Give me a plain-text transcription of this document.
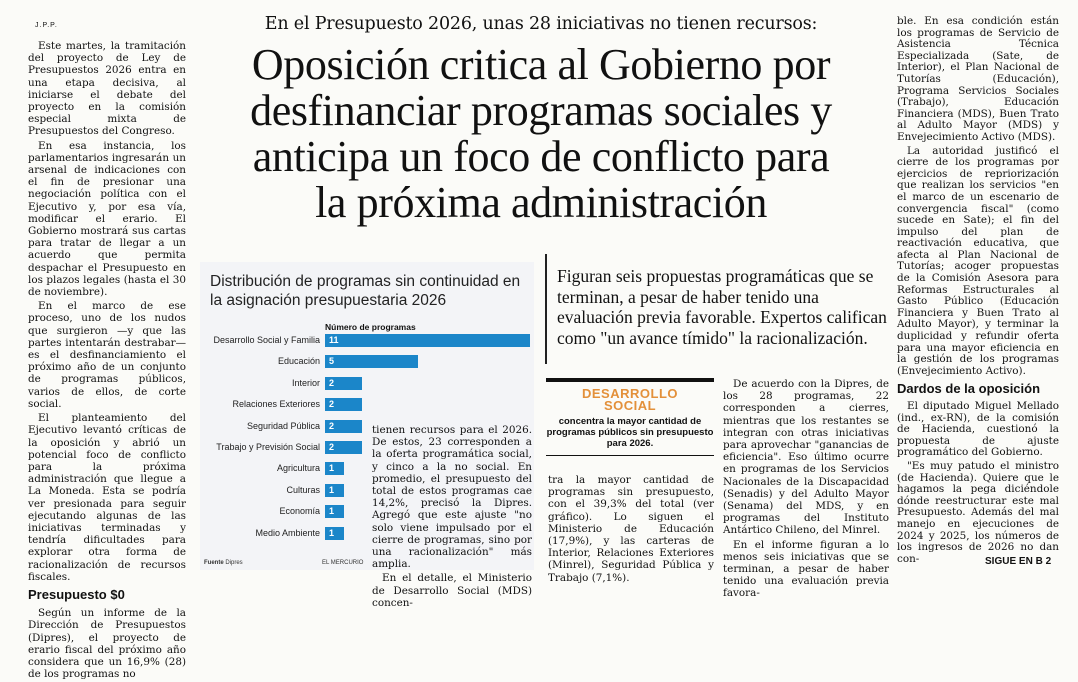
J.P.P.

Este martes, la tramitación del proyecto de Ley de Presupuestos 2026 entra en una etapa decisiva, al iniciarse el debate del proyecto en la comisión especial mixta de Presupuestos del Congreso.

En esa instancia, los parlamentarios ingresarán un arsenal de indicaciones con el fin de presionar una negociación política con el Ejecutivo y, por esa vía, modificar el erario. El Gobierno mostrará sus cartas para tratar de llegar a un acuerdo que permita despachar el Presupuesto en los plazos legales (hasta el 30 de noviembre).

En el marco de ese proceso, uno de los nudos que surgieron —y que las partes intentarán destrabar— es el desfinanciamiento el próximo año de un conjunto de programas públicos, varios de ellos, de corte social.

El planteamiento del Ejecutivo levantó críticas de la oposición y abrió un potencial foco de conflicto para la próxima administración que llegue a La Moneda. Esta se podría ver presionada para seguir ejecutando algunas de las iniciativas terminadas y tendría dificultades para explorar otra forma de racionalización de recursos fiscales.

Presupuesto $0

Según un informe de la Dirección de Presupuestos (Dipres), el proyecto de erario fiscal del próximo año considera que un 16,9% (28) de los programas no

En el Presupuesto 2026, unas 28 iniciativas no tienen recursos:
Oposición critica al Gobierno por
desfinanciar programas sociales y
anticipa un foco de conflicto para
la próxima administración
Distribución de programas sin continuidad en la asignación presupuestaria 2026
Número de programas
Desarrollo Social y Familia 11
Educación 5
Interior 2
Relaciones Exteriores 2
Seguridad Pública 2
Trabajo y Previsión Social 2
Agricultura 1
Culturas 1
Economía 1
Medio Ambiente 1
Fuente Dipres	EL MERCURIO

tienen recursos para el 2026. De estos, 23 corresponden a la oferta programática social, y cinco a la no social. En promedio, el presupuesto del total de estos programas cae 14,2%, precisó la Dipres. Agregó que este ajuste "no solo viene impulsado por el cierre de programas, sino por una racionalización" más amplia.

En el detalle, el Ministerio de Desarrollo Social (MDS) concen-

Figuran seis propuestas programáticas que se terminan, a pesar de haber tenido una evaluación previa favorable. Expertos califican como "un avance tímido" la racionalización.
DESARROLLO SOCIAL
concentra la mayor cantidad de programas públicos sin presupuesto para 2026.

tra la mayor cantidad de programas sin presupuesto, con el 39,3% del total (ver gráfico). Lo siguen el Ministerio de Educación (17,9%), y las carteras de Interior, Relaciones Exteriores (Minrel), Seguridad Pública y Trabajo (7,1%).

De acuerdo con la Dipres, de los 28 programas, 22 corresponden a cierres, mientras que los restantes se integran con otras iniciativas para aprovechar "ganancias de eficiencia". Eso último ocurre en programas de los Servicios Nacionales de la Discapacidad (Senadis) y del Adulto Mayor (Senama) del MDS, y en programas del Instituto Antártico Chileno, del Minrel.

En el informe figuran a lo menos seis iniciativas que se terminan, a pesar de haber tenido una evaluación previa favora-

ble. En esa condición están los programas de Servicio de Asistencia Técnica Especializada (Sate, de Interior), el Plan Nacional de Tutorías (Educación), Programa Servicios Sociales (Trabajo), Educación Financiera (MDS), Buen Trato al Adulto Mayor (MDS) y Envejecimiento Activo (MDS).

La autoridad justificó el cierre de los programas por ejercicios de repriorización que realizan los servicios "en el marco de un escenario de convergencia fiscal" (como sucede en Sate); el fin del impulso del plan de reactivación educativa, que afecta al Plan Nacional de Tutorías; acoger propuestas de la Comisión Asesora para Reformas Estructurales al Gasto Público (Educación Financiera y Buen Trato al Adulto Mayor), y terminar la duplicidad y refundir oferta para una mayor eficiencia en la gestión de los programas (Envejecimiento Activo).

Dardos de la oposición

El diputado Miguel Mellado (ind., ex-RN), de la comisión de Hacienda, cuestionó la propuesta de ajuste programático del Gobierno.

"Es muy patudo el ministro (de Hacienda). Quiere que le hagamos la pega diciéndole dónde reestructurar este mal Presupuesto. Además del mal manejo en ejecuciones de 2024 y 2025, los números de los ingresos de 2026 no dan con-	SIGUE EN B 2
